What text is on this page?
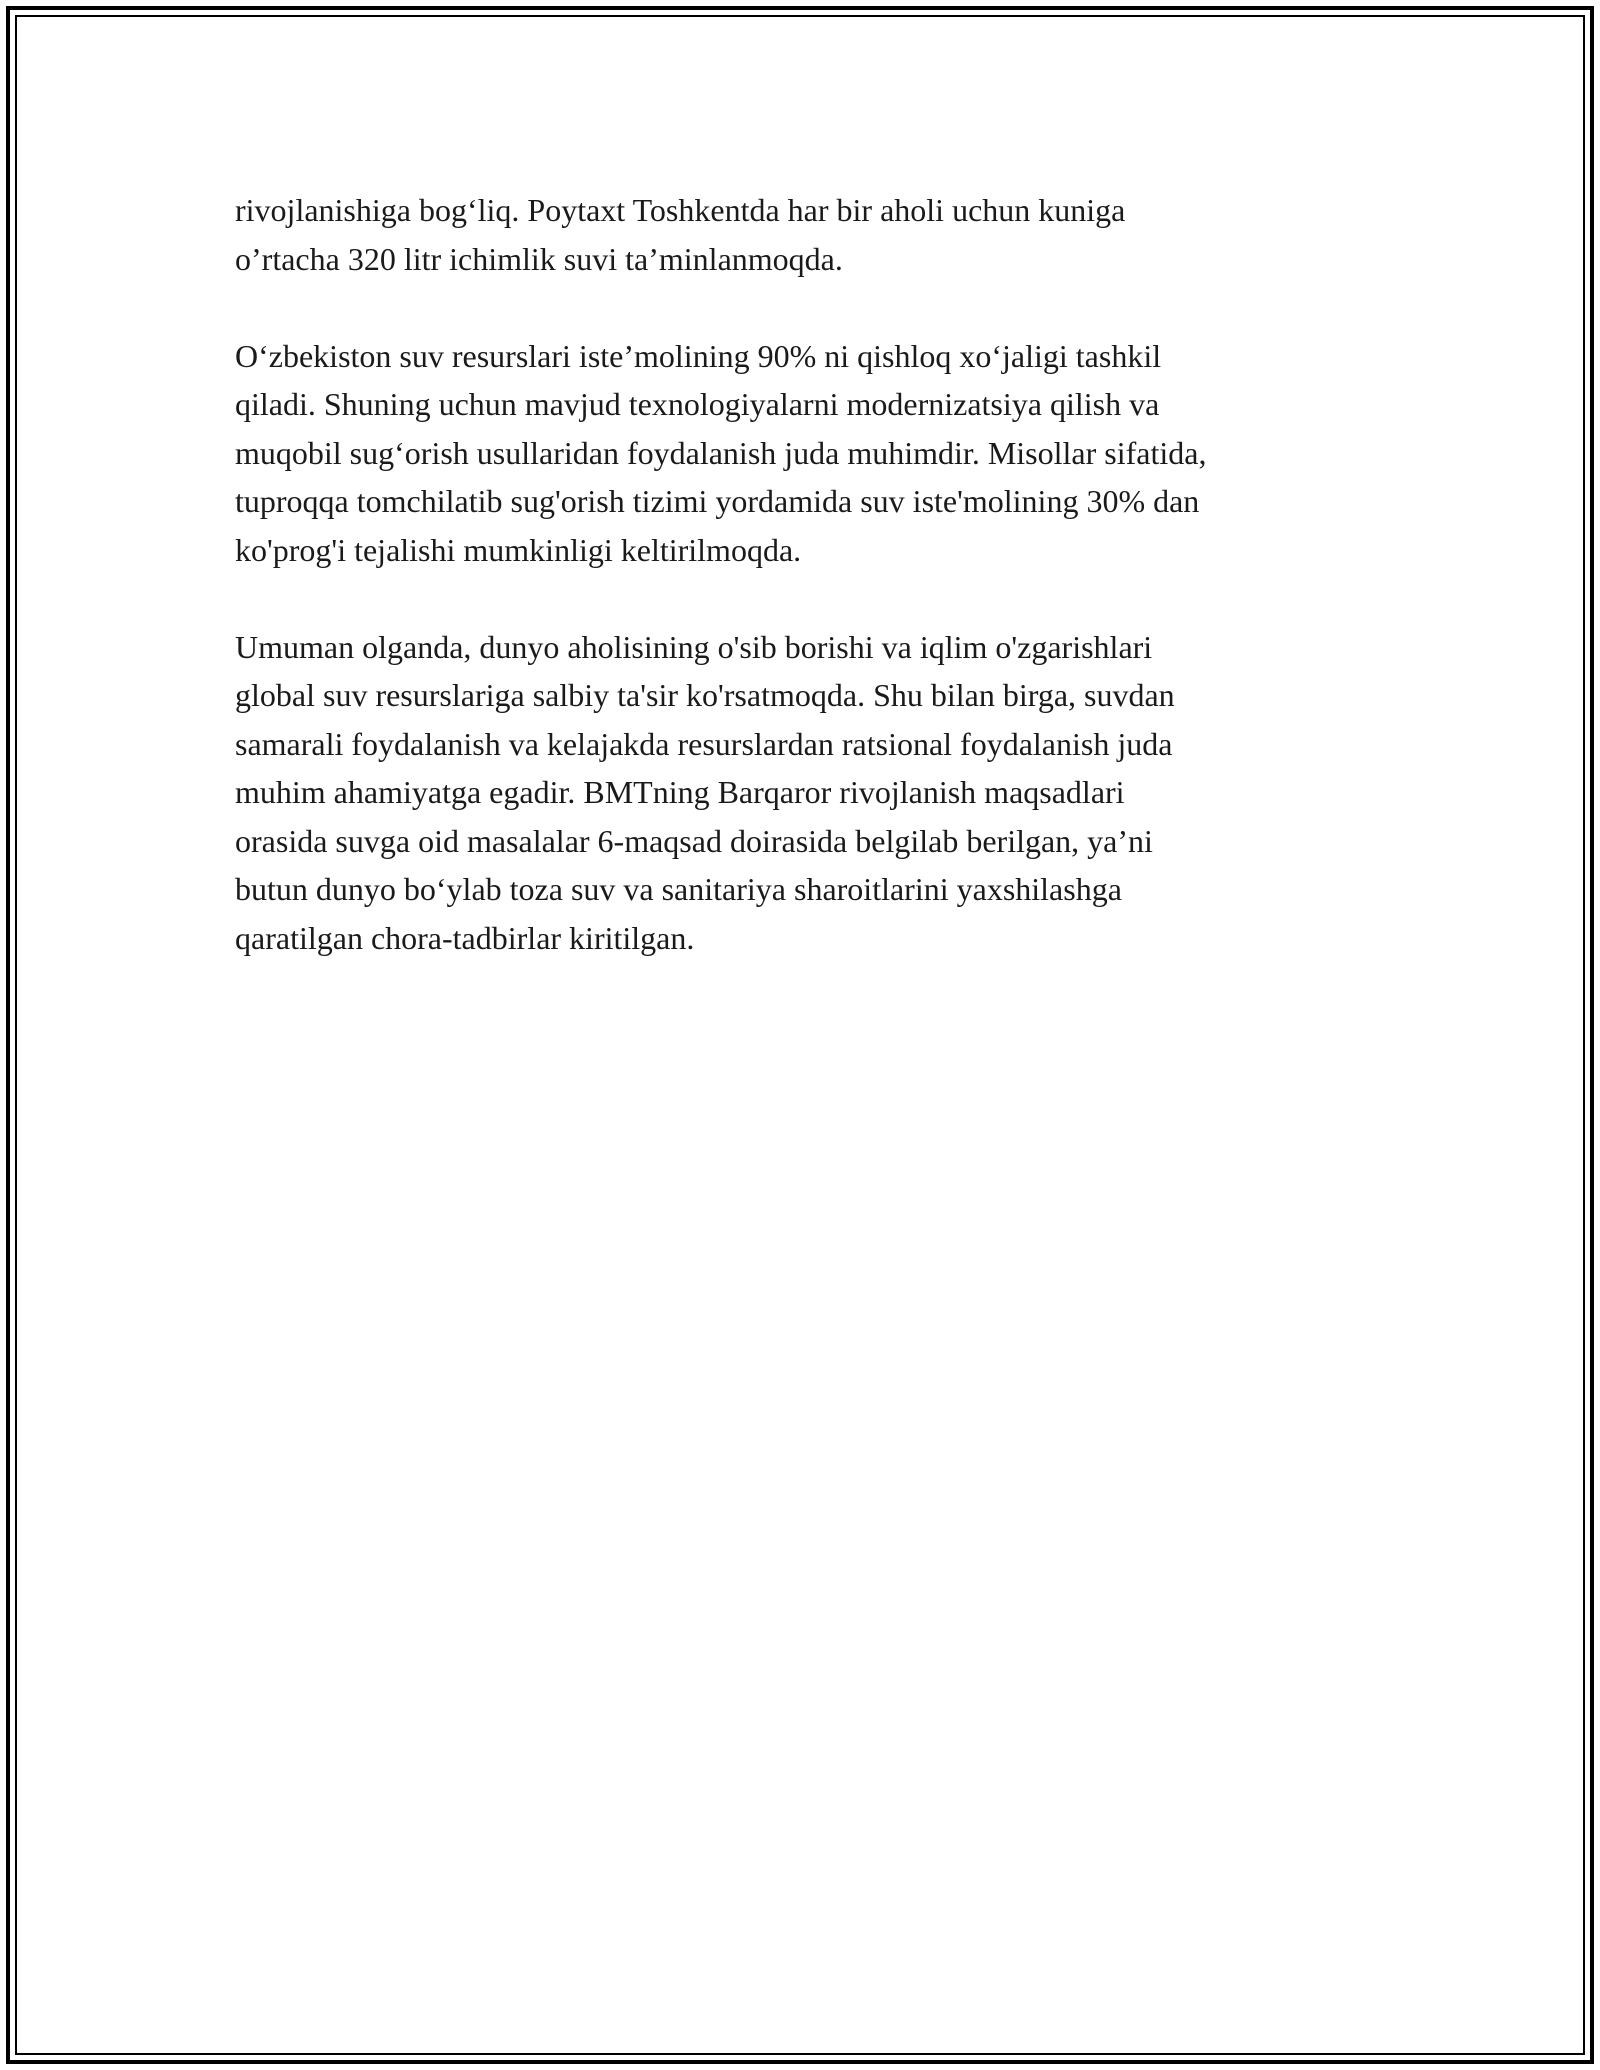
rivojlanishiga bog‘liq. Poytaxt Toshkentda har bir aholi uchun kuniga
o’rtacha 320 litr ichimlik suvi ta’minlanmoqda.

O‘zbekiston suv resurslari iste’molining 90% ni qishloq xo‘jaligi tashkil
qiladi. Shuning uchun mavjud texnologiyalarni modernizatsiya qilish va
muqobil sug‘orish usullaridan foydalanish juda muhimdir. Misollar sifatida,
tuproqqa tomchilatib sug'orish tizimi yordamida suv iste'molining 30% dan
ko'prog'i tejalishi mumkinligi keltirilmoqda.

Umuman olganda, dunyo aholisining o'sib borishi va iqlim o'zgarishlari
global suv resurslariga salbiy ta'sir ko'rsatmoqda. Shu bilan birga, suvdan
samarali foydalanish va kelajakda resurslardan ratsional foydalanish juda
muhim ahamiyatga egadir. BMTning Barqaror rivojlanish maqsadlari
orasida suvga oid masalalar 6-maqsad doirasida belgilab berilgan, ya’ni
butun dunyo bo‘ylab toza suv va sanitariya sharoitlarini yaxshilashga
qaratilgan chora-tadbirlar kiritilgan.
